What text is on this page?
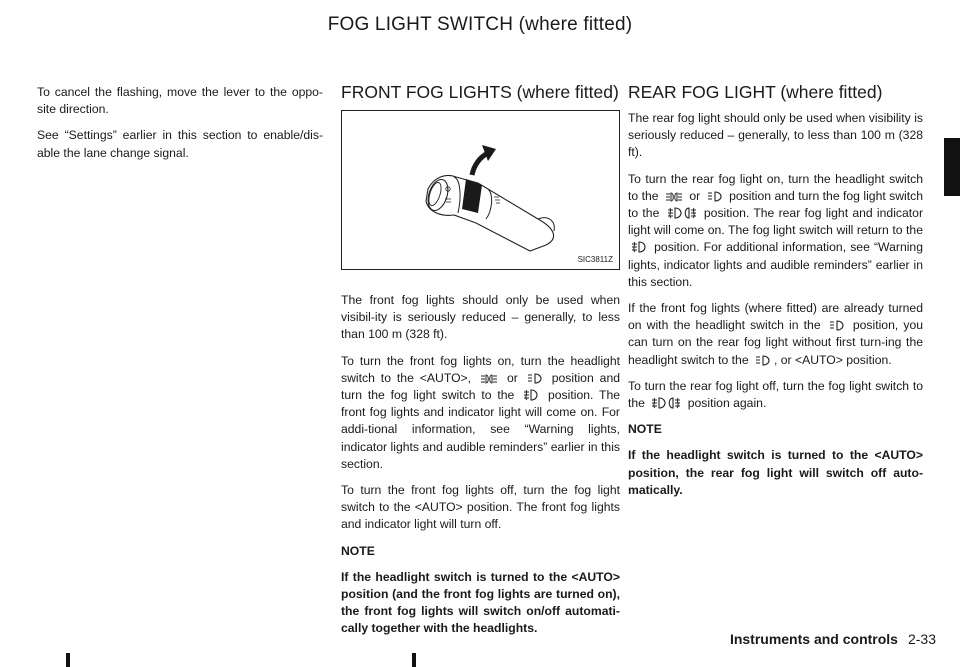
FOG LIGHT SWITCH (where fitted)

To cancel the flashing, move the lever to the oppo-site direction.

See “Settings” earlier in this section to enable/dis-able the lane change signal.

FRONT FOG LIGHTS (where fitted)
SIC3811Z

The front fog lights should only be used when visibil-ity is seriously reduced – generally, to less than 100 m (328 ft).

To turn the front fog lights on, turn the headlight switch to the <AUTO>,	or	position and turn the fog light switch to the	position. The front fog lights and indicator light will come on. For addi-tional information, see “Warning lights, indicator lights and audible reminders” earlier in this section.

To turn the front fog lights off, turn the fog light switch to the <AUTO> position. The front fog lights and indicator light will turn off.

NOTE

If the headlight switch is turned to the <AUTO> position (and the front fog lights are turned on), the front fog lights will switch on/off automati-cally together with the headlights.

REAR FOG LIGHT (where fitted)

The rear fog light should only be used when visibility is seriously reduced – generally, to less than 100 m (328 ft).

To turn the rear fog light on, turn the headlight switch to the	or position and turn the fog light switch to the	position. The rear fog light and indicator light will come on. The fog light switch will return to the  position. For additional information, see “Warning lights, indicator lights and audible reminders” earlier in this section.

If the front fog lights (where fitted) are already turned on with the headlight switch in the	position, you can turn on the rear fog light without first turn-ing the headlight switch to the , or <AUTO> position.

To turn the rear fog light off, turn the fog light switch to the	position again.

NOTE

If the headlight switch is turned to the <AUTO> position, the rear fog light will switch off auto-matically.

Instruments and controls 2-33
